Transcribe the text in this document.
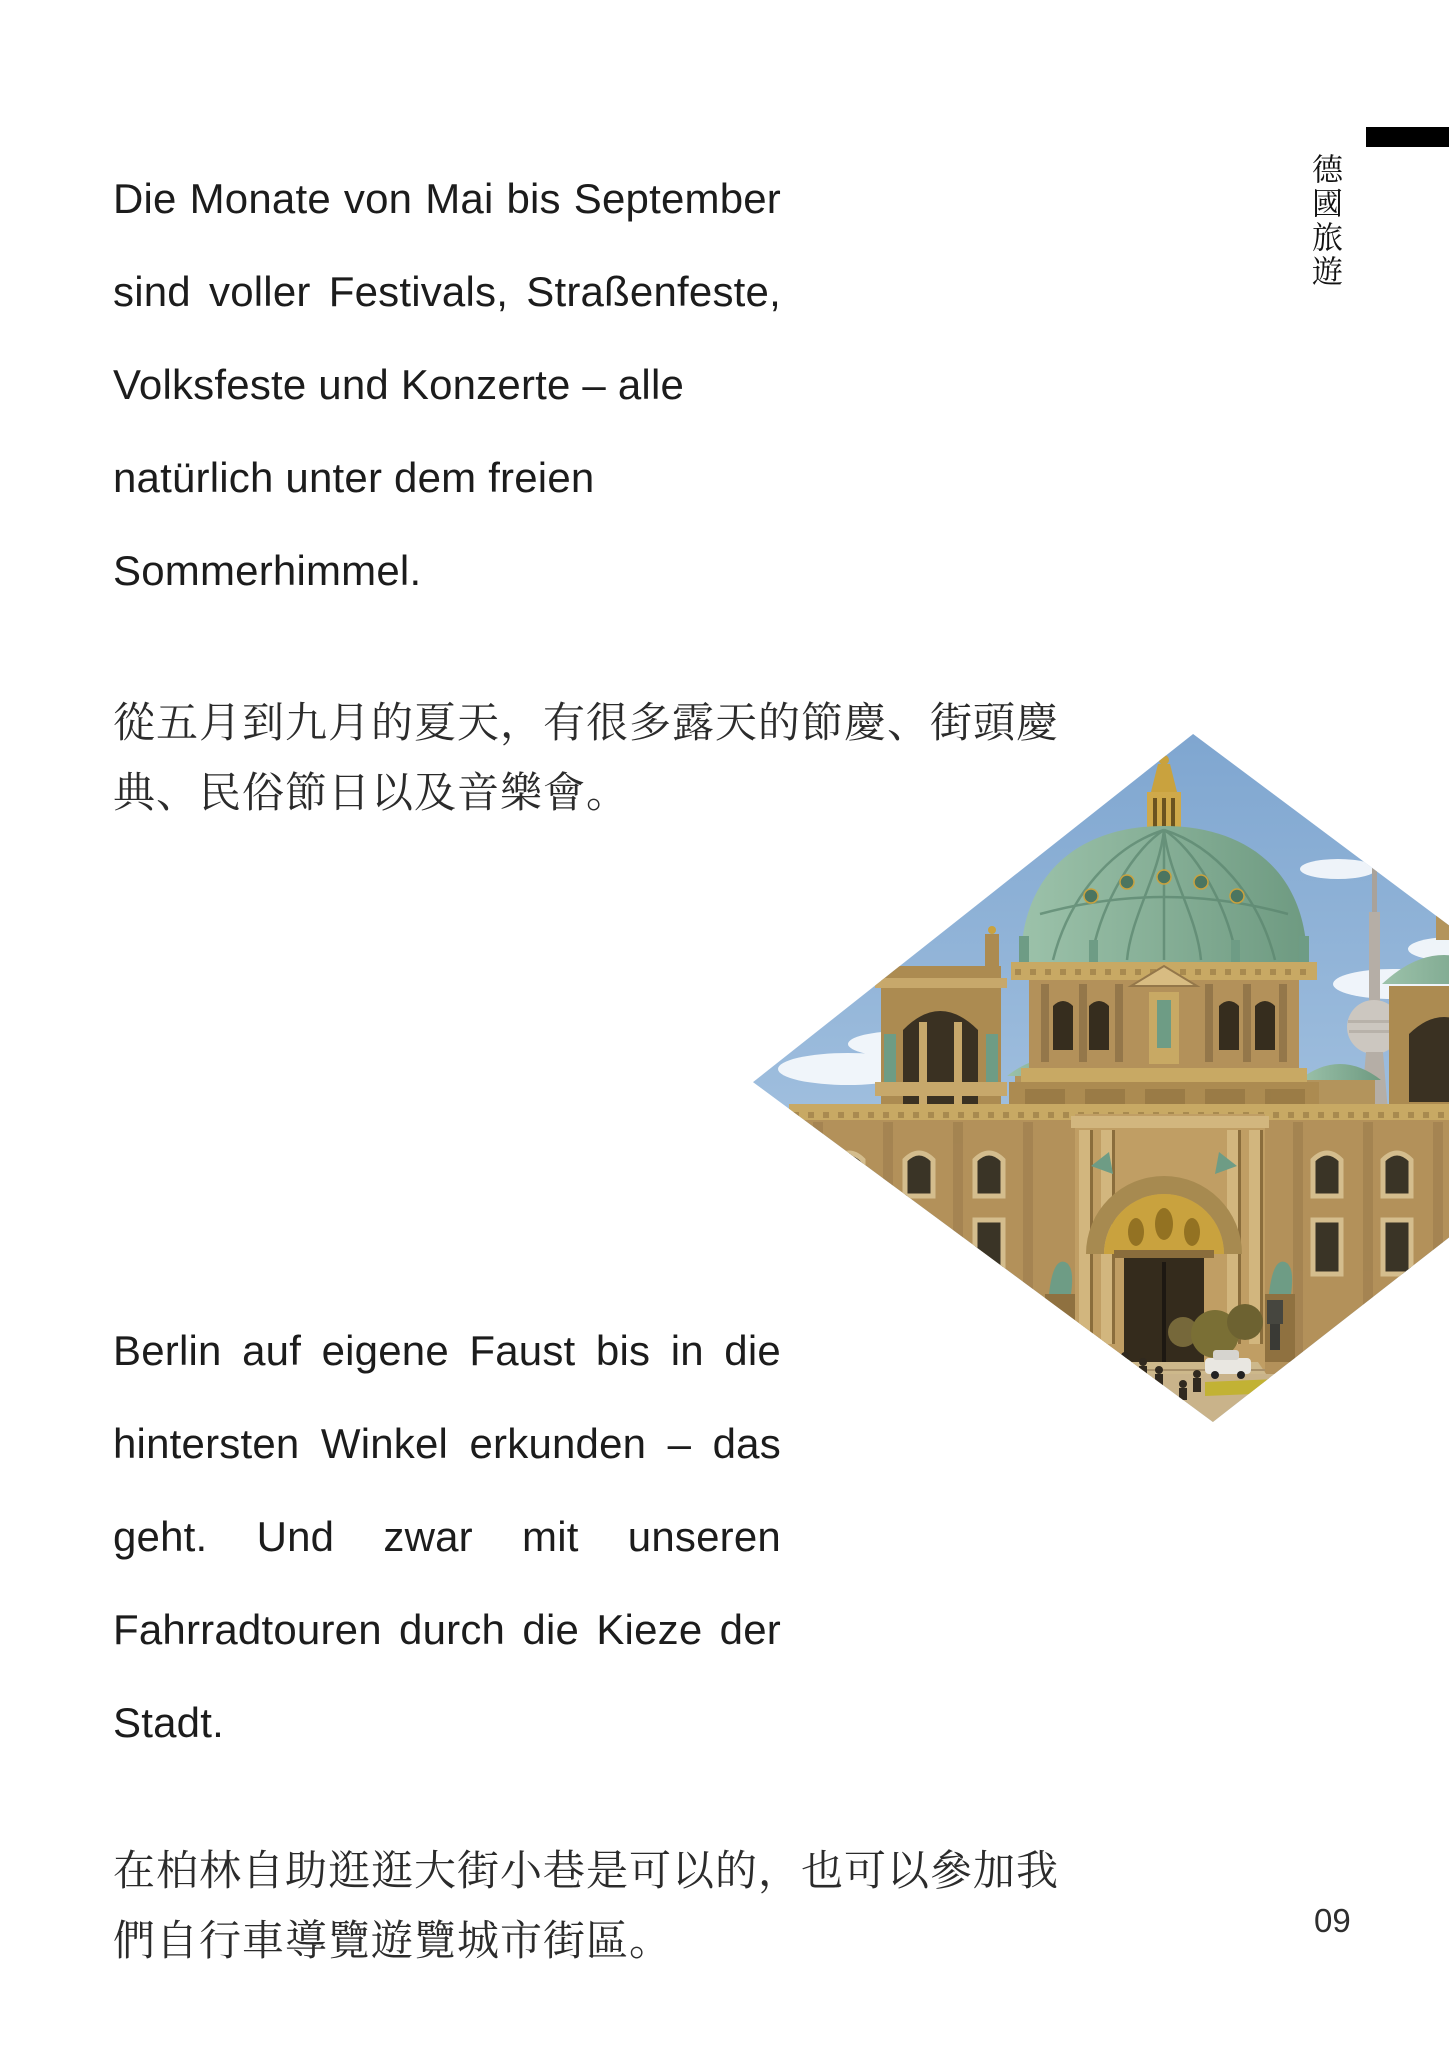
Die Monate von Mai bis September
sind voller Festivals, Straßenfeste,
Volksfeste und Konzerte – alle
natürlich unter dem freien
Sommerhimmel.
從五月到九月的夏天，有很多露天的節慶、街頭慶典、民俗節日以及音樂會。
Berlin auf eigene Faust bis in die
hintersten Winkel erkunden – das
geht. Und zwar mit unseren
Fahrradtouren durch die Kieze der
Stadt.
在柏林自助逛逛大街小巷是可以的，也可以參加我們自行車導覽遊覽城市街區。
德國旅遊
09
